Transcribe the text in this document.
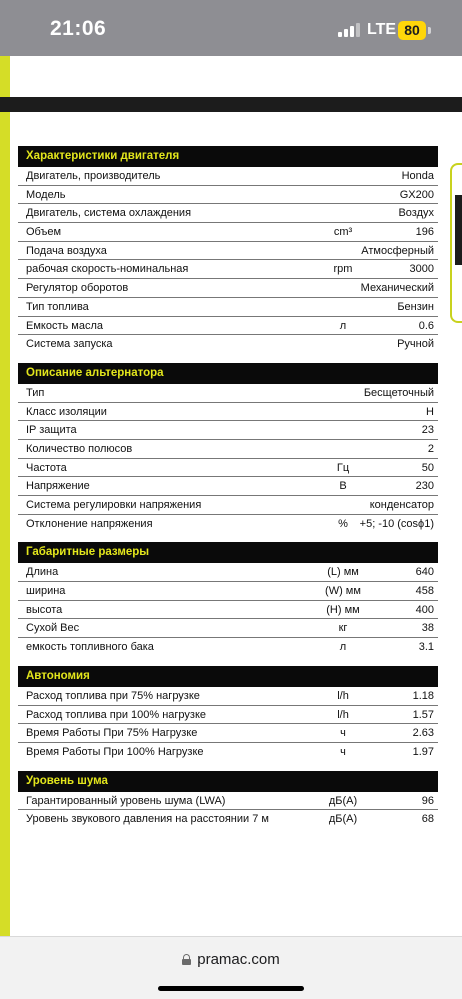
21:06	LTE 80
Характеристики двигателя
Двигатель, производитель	Honda
Модель	GX200
Двигатель, система охлаждения	Воздух
Объем	cm³	196
Подача воздуха	Атмосферный
рабочая скорость-номинальная	rpm	3000
Регулятор оборотов	Механический
Тип топлива	Бензин
Емкость масла	л	0.6
Система запуска	Ручной
Описание альтернатора
Тип	Бесщеточный
Класс изоляции	H
IP защита	23
Количество полюсов	2
Частота	Гц	50
Напряжение	В	230
Система регулировки напряжения	конденсатор
Отклонение напряжения	%	+5; -10 (cosϕ1)
Габаритные размеры
Длина	(L) мм	640
ширина	(W) мм	458
высота	(H) мм	400
Сухой Вес	кг	38
емкость топливного бака	л	3.1
Автономия
Расход топлива при 75% нагрузке	l/h	1.18
Расход топлива при 100% нагрузке	l/h	1.57
Время Работы При 75% Нагрузке	ч	2.63
Время Работы При 100% Нагрузке	ч	1.97
Уровень шума
Гарантированный уровень шума (LWA)	дБ(А)	96
Уровень звукового давления на расстоянии 7 м	дБ(А)	68
pramac.com
